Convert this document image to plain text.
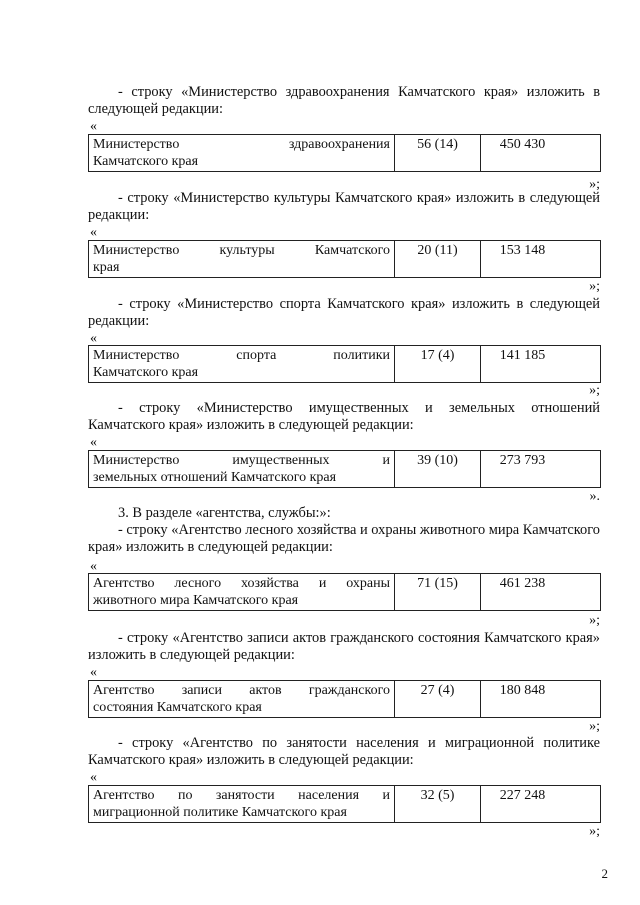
- строку «Министерство здравоохранения Камчатского края» изложить в следующей редакции:
«
Министерство здравоохранения

Камчатского края
	56 (14)	450 430
»;
- строку «Министерство культуры Камчатского края» изложить в следующей редакции:
«
Министерство культуры Камчатского

края
	20 (11)	153 148
»;
- строку «Министерство спорта Камчатского края» изложить в следующей редакции:
«
Министерство спорта политики

Камчатского края
	17 (4)	141 185
»;
- строку «Министерство имущественных и земельных отношений Камчатского края» изложить в следующей редакции:
«
Министерство имущественных и

земельных отношений Камчатского края
	39 (10)	273 793
».
3. В разделе «агентства, службы:»:
- строку «Агентство лесного хозяйства и охраны животного мира Камчатского края» изложить в следующей редакции:
«
Агентство лесного хозяйства и охраны

животного мира Камчатского края
	71 (15)	461 238
»;
- строку «Агентство записи актов гражданского состояния Камчатского края» изложить в следующей редакции:
«
Агентство записи актов гражданского

состояния Камчатского края
	27 (4)	180 848
»;
- строку «Агентство по занятости населения и миграционной политике Камчатского края» изложить в следующей редакции:
«
Агентство по занятости населения и

миграционной политике Камчатского края
	32 (5)	227 248
»;
2
